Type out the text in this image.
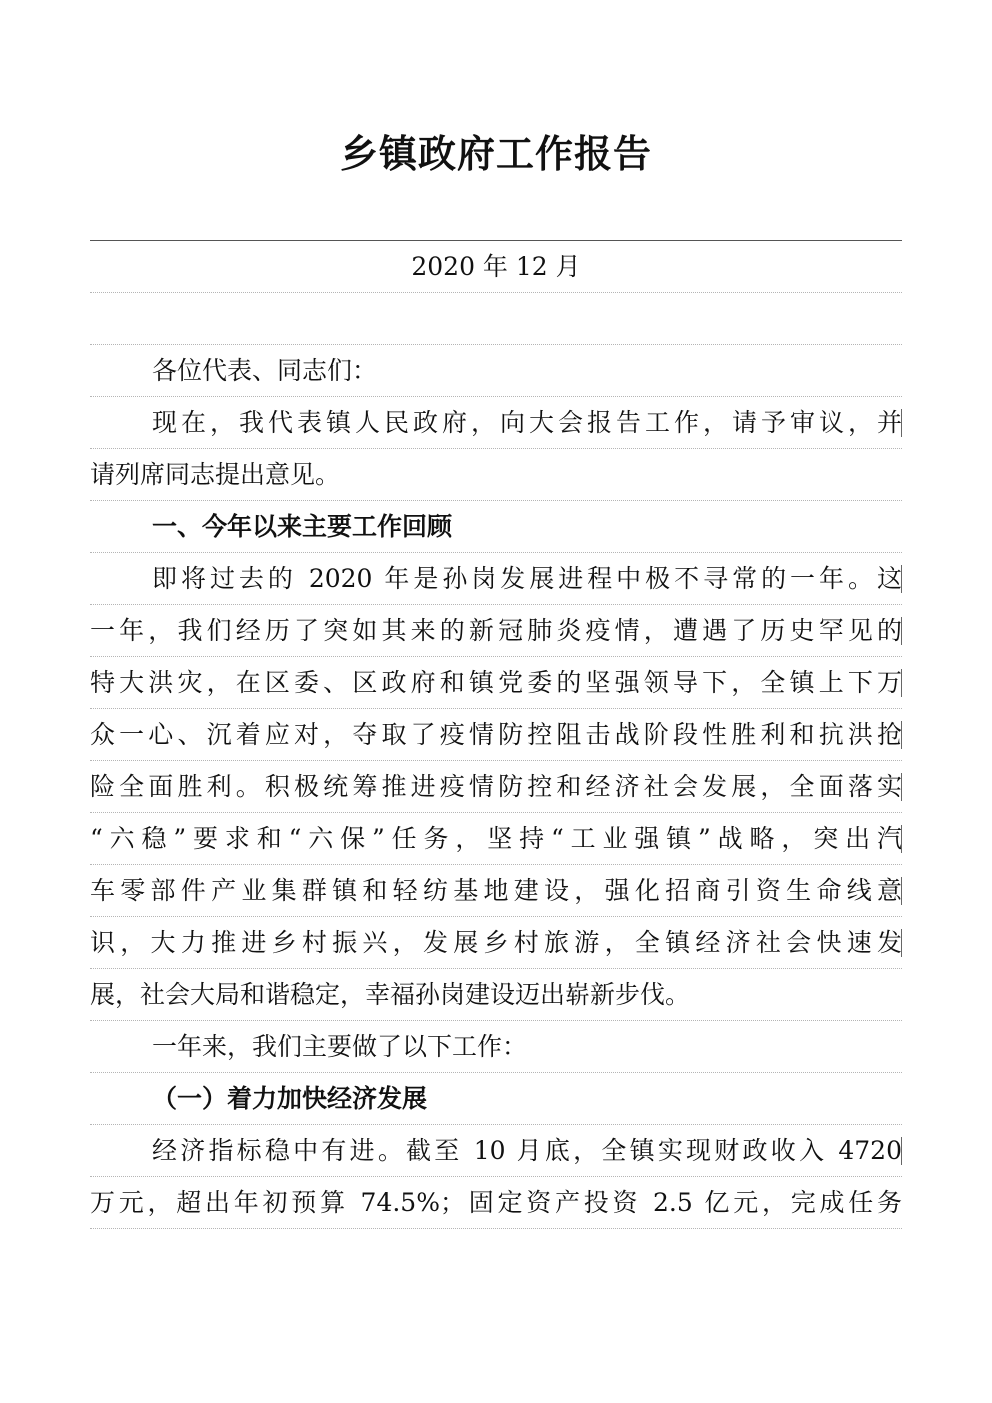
乡镇政府工作报告
2020 年 12 月
各位代表、同志们：
现在，我代表镇人民政府，向大会报告工作，请予审议，并
请列席同志提出意见。
一、今年以来主要工作回顾
即将过去的 2020 年是孙岗发展进程中极不寻常的一年。这
一年，我们经历了突如其来的新冠肺炎疫情，遭遇了历史罕见的
特大洪灾，在区委、区政府和镇党委的坚强领导下，全镇上下万
众一心、沉着应对，夺取了疫情防控阻击战阶段性胜利和抗洪抢
险全面胜利。积极统筹推进疫情防控和经济社会发展，全面落实
“六稳”要求和“六保”任务，坚持“工业强镇”战略，突出汽
车零部件产业集群镇和轻纺基地建设，强化招商引资生命线意
识，大力推进乡村振兴，发展乡村旅游，全镇经济社会快速发
展，社会大局和谐稳定，幸福孙岗建设迈出崭新步伐。
一年来，我们主要做了以下工作：
（一）着力加快经济发展
经济指标稳中有进。截至 10 月底，全镇实现财政收入 4720
万元，超出年初预算 74.5%；固定资产投资 2.5 亿元，完成任务
